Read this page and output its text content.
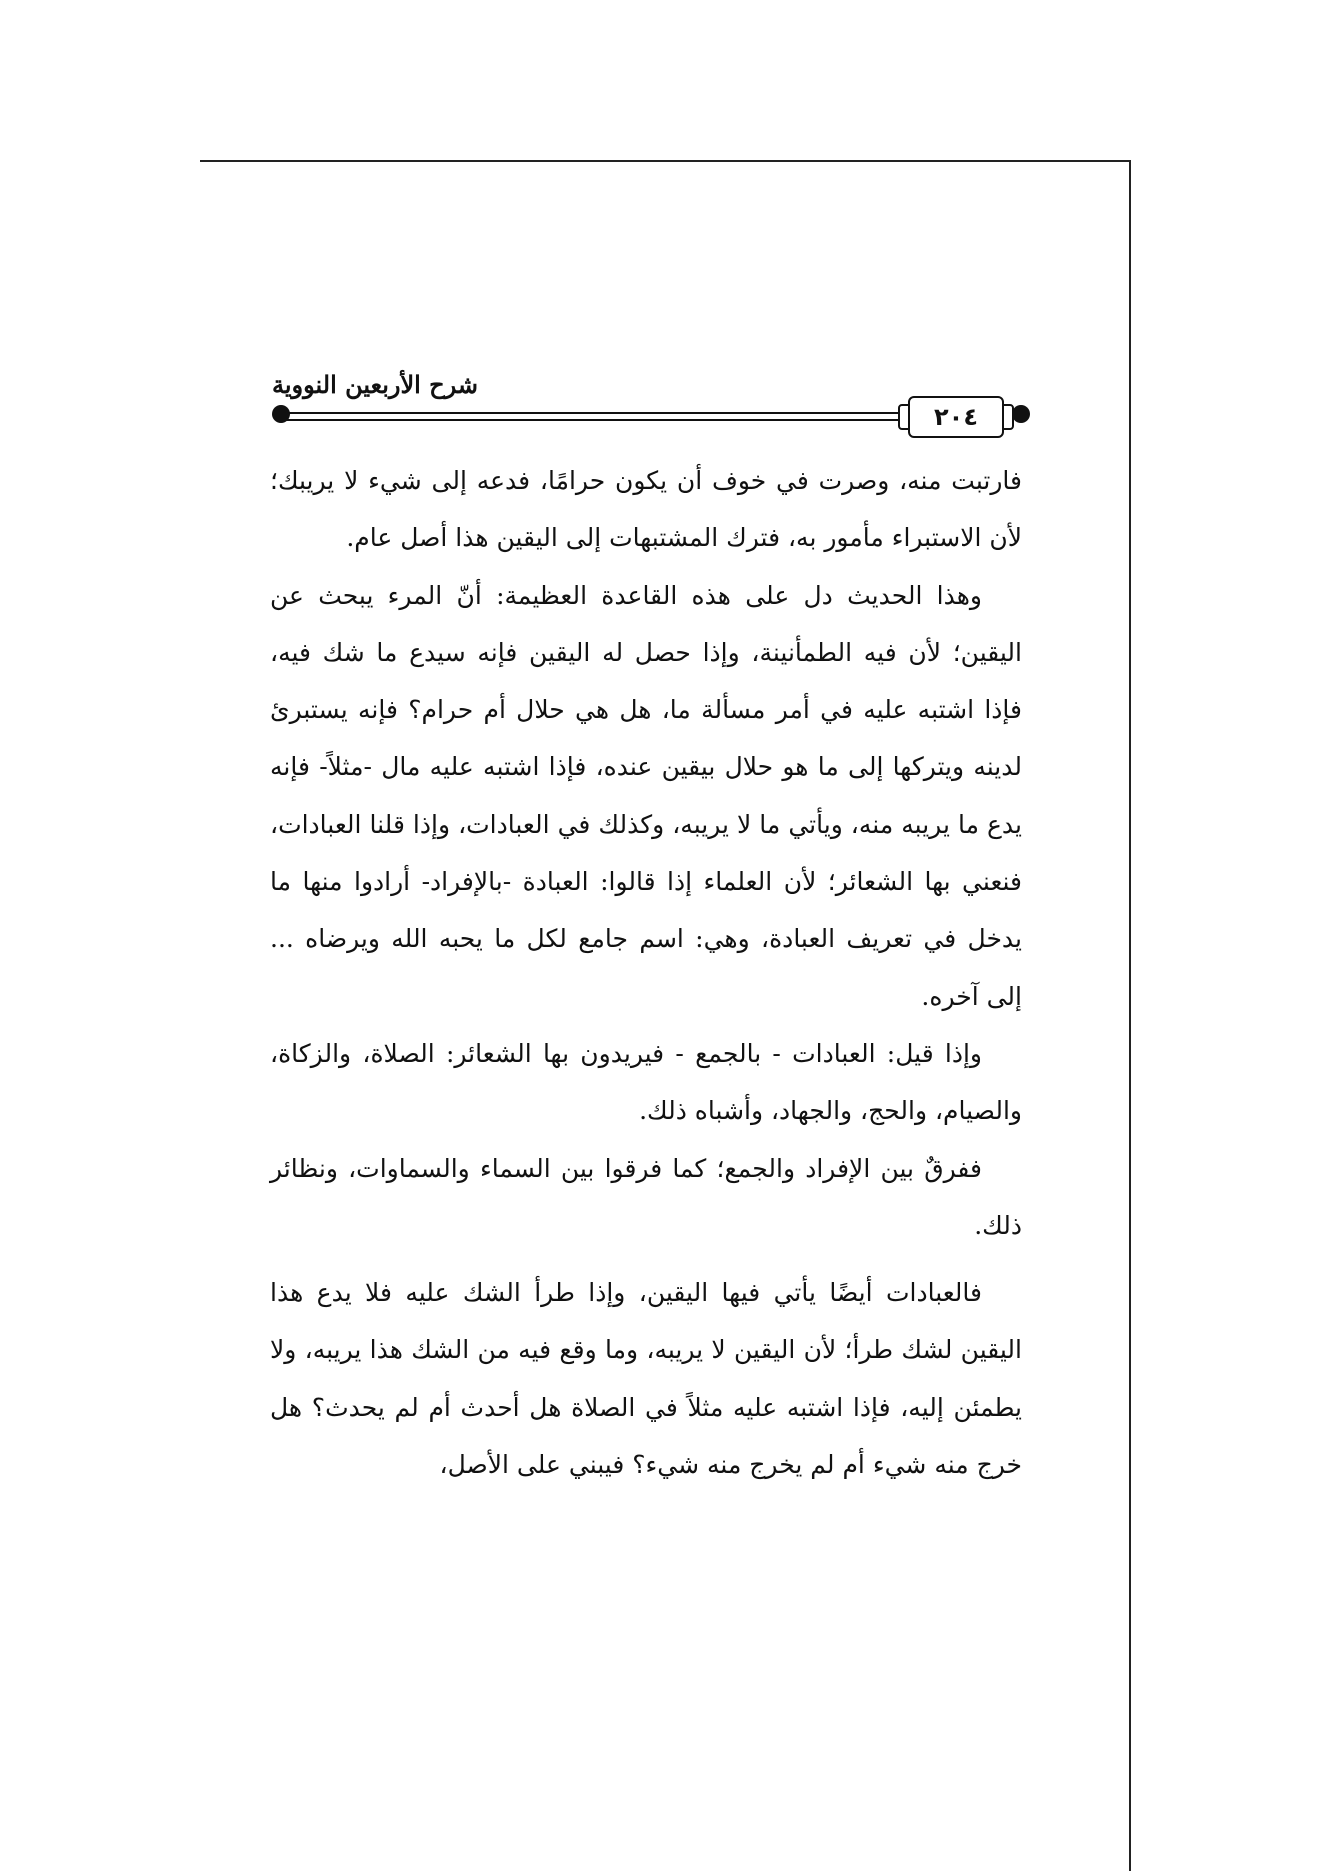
شرح الأربعين النووية
٢٠٤

فارتبت منه، وصرت في خوف أن يكون حرامًا، فدعه إلى شيء لا يريبك؛ لأن الاستبراء مأمور به، فترك المشتبهات إلى اليقين هذا أصل عام.

وهذا الحديث دل على هذه القاعدة العظيمة: أنّ المرء يبحث عن اليقين؛ لأن فيه الطمأنينة، وإذا حصل له اليقين فإنه سيدع ما شك فيه، فإذا اشتبه عليه في أمر مسألة ما، هل هي حلال أم حرام؟ فإنه يستبرئ لدينه ويتركها إلى ما هو حلال بيقين عنده، فإذا اشتبه عليه مال -مثلاً- فإنه يدع ما يريبه منه، ويأتي ما لا يريبه، وكذلك في العبادات، وإذا قلنا العبادات، فنعني بها الشعائر؛ لأن العلماء إذا قالوا: العبادة -بالإفراد- أرادوا منها ما يدخل في تعريف العبادة، وهي: اسم جامع لكل ما يحبه الله ويرضاه ... إلى آخره.

وإذا قيل: العبادات - بالجمع - فيريدون بها الشعائر: الصلاة، والزكاة، والصيام، والحج، والجهاد، وأشباه ذلك.

ففرقٌ بين الإفراد والجمع؛ كما فرقوا بين السماء والسماوات، ونظائر ذلك.

فالعبادات أيضًا يأتي فيها اليقين، وإذا طرأ الشك عليه فلا يدع هذا اليقين لشك طرأ؛ لأن اليقين لا يريبه، وما وقع فيه من الشك هذا يريبه، ولا يطمئن إليه، فإذا اشتبه عليه مثلاً في الصلاة هل أحدث أم لم يحدث؟ هل خرج منه شيء أم لم يخرج منه شيء؟ فيبني على الأصل،
